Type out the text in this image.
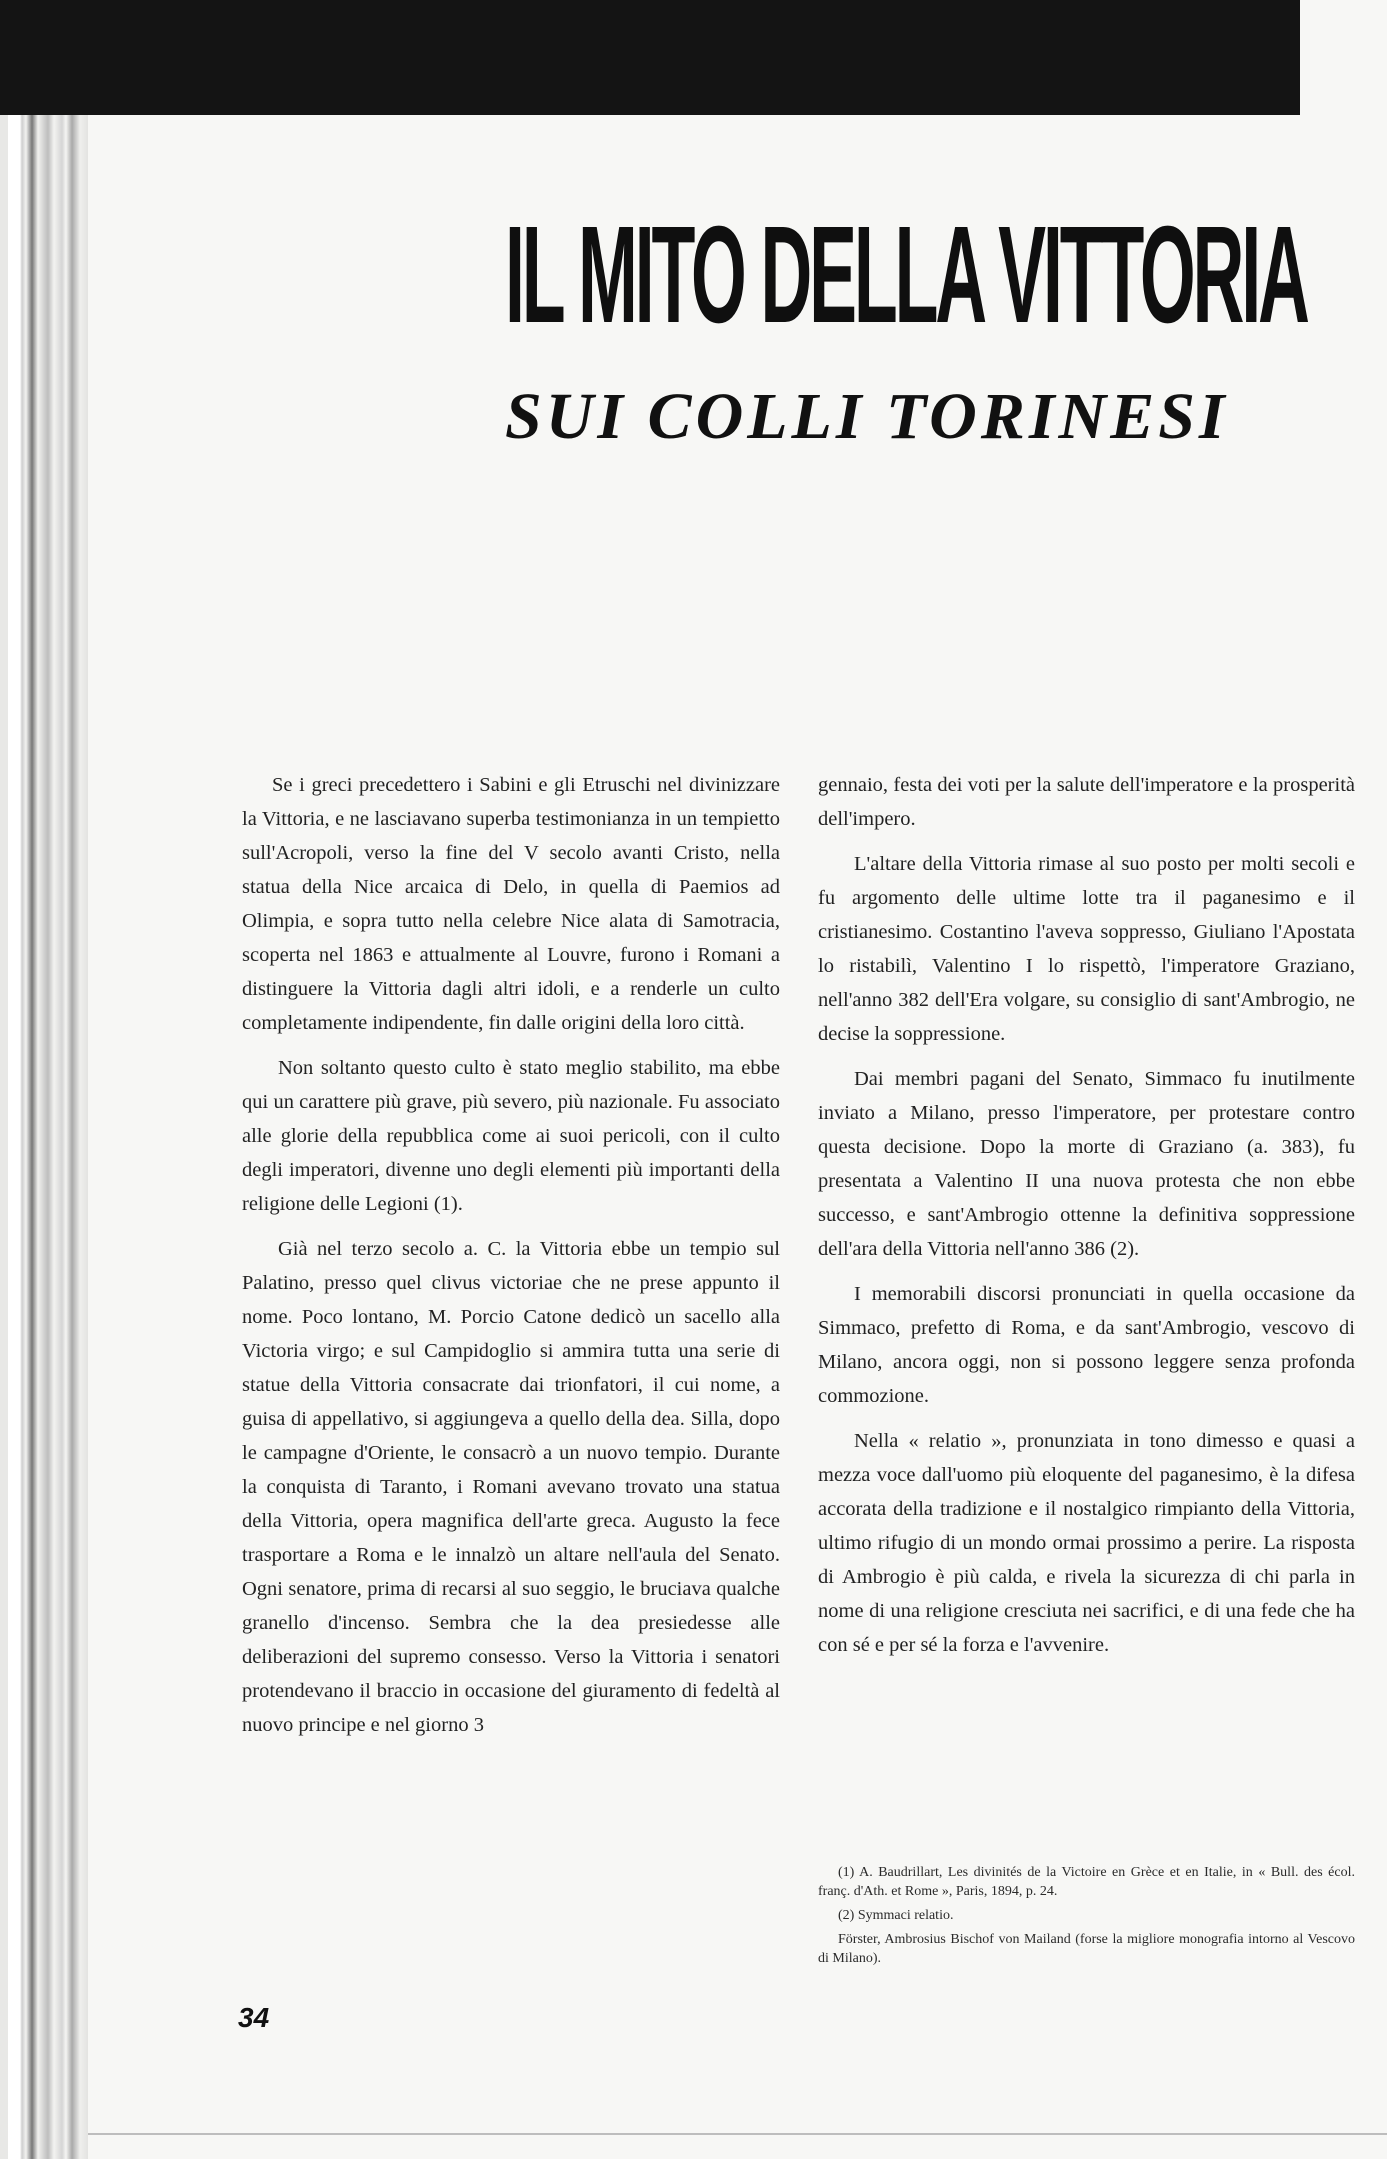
IL MITO DELLA VITTORIA
SUI COLLI TORINESI

Se i greci precedettero i Sabini e gli Etruschi nel divinizzare la Vittoria, e ne lasciavano superba testimonianza in un tempietto sull'Acropoli, verso la fine del V secolo avanti Cristo, nella statua della Nice arcaica di Delo, in quella di Paemios ad Olimpia, e sopra tutto nella celebre Nice alata di Samotracia, scoperta nel 1863 e attualmente al Louvre, furono i Romani a distinguere la Vittoria dagli altri idoli, e a renderle un culto completamente indipendente, fin dalle origini della loro città.

Non soltanto questo culto è stato meglio stabilito, ma ebbe qui un carattere più grave, più severo, più nazionale. Fu associato alle glorie della repubblica come ai suoi pericoli, con il culto degli imperatori, divenne uno degli elementi più importanti della religione delle Legioni (1).

Già nel terzo secolo a. C. la Vittoria ebbe un tempio sul Palatino, presso quel clivus victoriae che ne prese appunto il nome. Poco lontano, M. Porcio Catone dedicò un sacello alla Victoria virgo; e sul Campidoglio si ammira tutta una serie di statue della Vittoria consacrate dai trionfatori, il cui nome, a guisa di appellativo, si aggiungeva a quello della dea. Silla, dopo le campagne d'Oriente, le consacrò a un nuovo tempio. Durante la conquista di Taranto, i Romani avevano trovato una statua della Vittoria, opera magnifica dell'arte greca. Augusto la fece trasportare a Roma e le innalzò un altare nell'aula del Senato. Ogni senatore, prima di recarsi al suo seggio, le bruciava qualche granello d'incenso. Sembra che la dea presiedesse alle deliberazioni del supremo consesso. Verso la Vittoria i senatori protendevano il braccio in occasione del giuramento di fedeltà al nuovo principe e nel giorno 3

gennaio, festa dei voti per la salute dell'imperatore e la prosperità dell'impero.

L'altare della Vittoria rimase al suo posto per molti secoli e fu argomento delle ultime lotte tra il paganesimo e il cristianesimo. Costantino l'aveva soppresso, Giuliano l'Apostata lo ristabilì, Valentino I lo rispettò, l'imperatore Graziano, nell'anno 382 dell'Era volgare, su consiglio di sant'Ambrogio, ne decise la soppressione.

Dai membri pagani del Senato, Simmaco fu inutilmente inviato a Milano, presso l'imperatore, per protestare contro questa decisione. Dopo la morte di Graziano (a. 383), fu presentata a Valentino II una nuova protesta che non ebbe successo, e sant'Ambrogio ottenne la definitiva soppressione dell'ara della Vittoria nell'anno 386 (2).

I memorabili discorsi pronunciati in quella occasione da Simmaco, prefetto di Roma, e da sant'Ambrogio, vescovo di Milano, ancora oggi, non si possono leggere senza profonda commozione.

Nella « relatio », pronunziata in tono dimesso e quasi a mezza voce dall'uomo più eloquente del paganesimo, è la difesa accorata della tradizione e il nostalgico rimpianto della Vittoria, ultimo rifugio di un mondo ormai prossimo a perire. La risposta di Ambrogio è più calda, e rivela la sicurezza di chi parla in nome di una religione cresciuta nei sacrifici, e di una fede che ha con sé e per sé la forza e l'avvenire.

(1) A. Baudrillart, Les divinités de la Victoire en Grèce et en Italie, in « Bull. des écol. franç. d'Ath. et Rome », Paris, 1894, p. 24.

(2) Symmaci relatio.

Förster, Ambrosius Bischof von Mailand (forse la migliore monografia intorno al Vescovo di Milano).

34
